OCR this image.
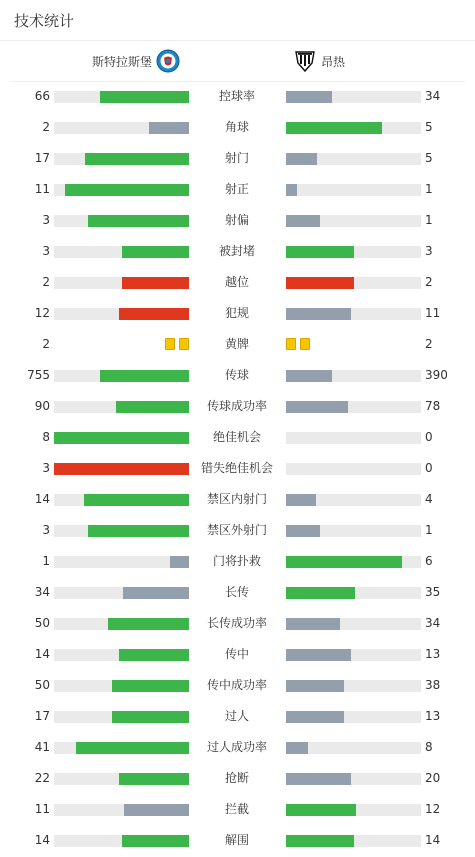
技术统计
斯特拉斯堡	昂热
66	控球率	34
2	角球	5
17	射门	5
11	射正	1
3	射偏	1
3	被封堵	3
2	越位	2
12	犯规	11
2	黄牌	2
755	传球	390
90	传球成功率	78
8	绝佳机会	0
3	错失绝佳机会	0
14	禁区内射门	4
3	禁区外射门	1
1	门将扑救	6
34	长传	35
50	长传成功率	34
14	传中	13
50	传中成功率	38
17	过人	13
41	过人成功率	8
22	抢断	20
11	拦截	12
14	解围	14
